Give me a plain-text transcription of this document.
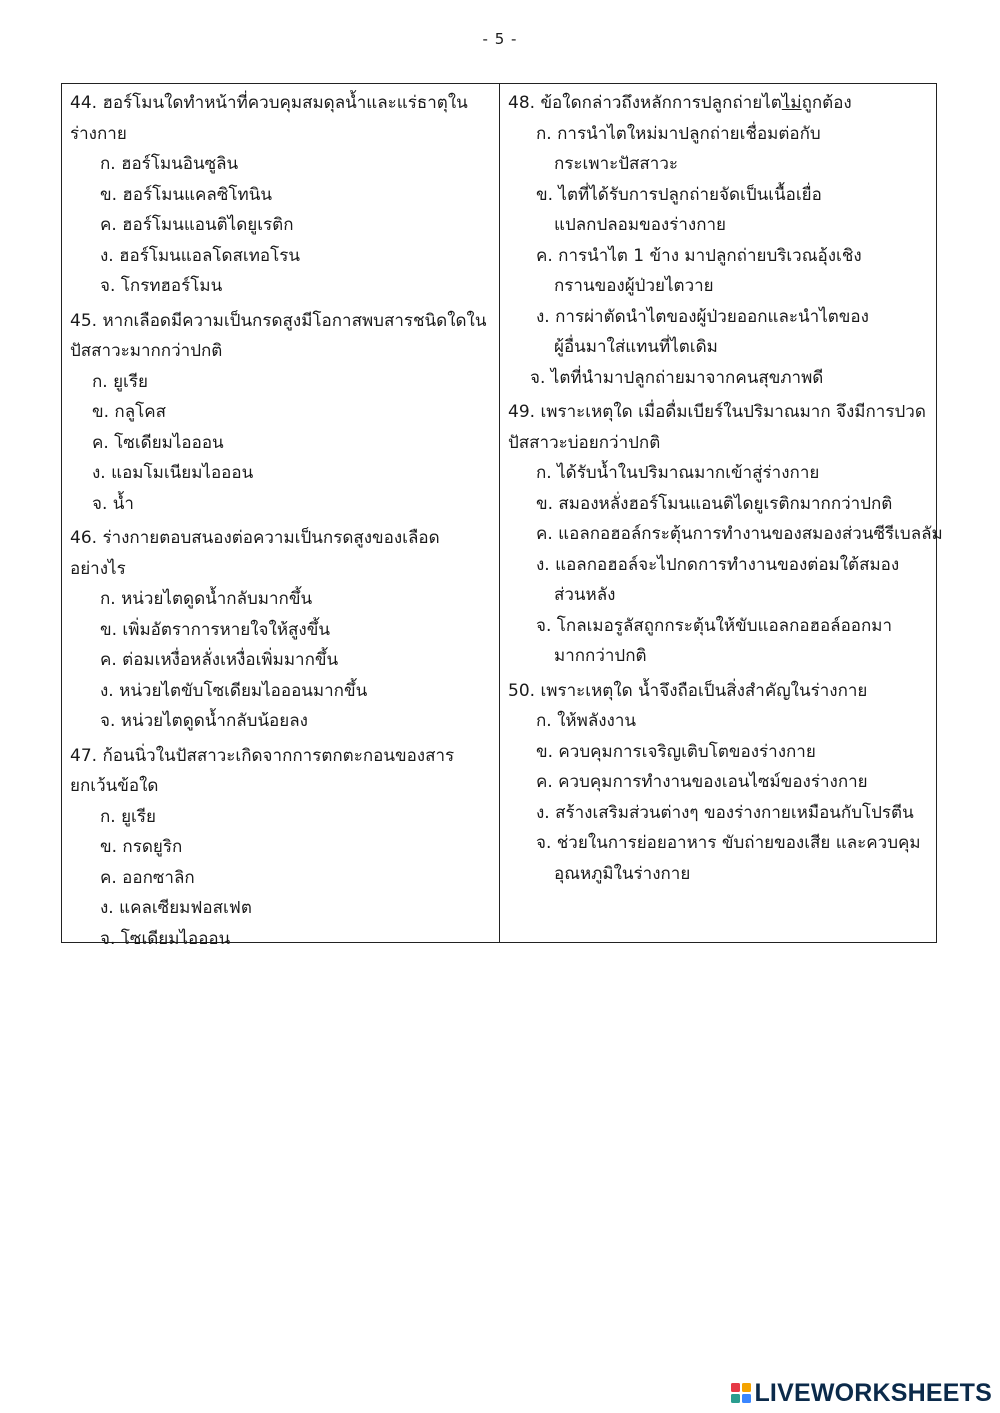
- 5 -

44. ฮอร์โมนใดทำหน้าที่ควบคุมสมดุลน้ำและแร่ธาตุใน

ร่างกาย

ก. ฮอร์โมนอินซูลิน

ข. ฮอร์โมนแคลซิโทนิน

ค. ฮอร์โมนแอนติไดยูเรติก

ง. ฮอร์โมนแอลโดสเทอโรน

จ. โกรทฮอร์โมน

45. หากเลือดมีความเป็นกรดสูงมีโอกาสพบสารชนิดใดใน

ปัสสาวะมากกว่าปกติ

ก. ยูเรีย

ข. กลูโคส

ค. โซเดียมไอออน

ง. แอมโมเนียมไอออน

จ. น้ำ

46. ร่างกายตอบสนองต่อความเป็นกรดสูงของเลือดอย่างไร

ก. หน่วยไตดูดน้ำกลับมากขึ้น

ข. เพิ่มอัตราการหายใจให้สูงขึ้น

ค. ต่อมเหงื่อหลั่งเหงื่อเพิ่มมากขึ้น

ง. หน่วยไตขับโซเดียมไอออนมากขึ้น

จ. หน่วยไตดูดน้ำกลับน้อยลง

47. ก้อนนิ่วในปัสสาวะเกิดจากการตกตะกอนของสาร

ยกเว้นข้อใด

ก. ยูเรีย

ข. กรดยูริก

ค. ออกซาลิก

ง. แคลเซียมฟอสเฟต

จ. โซเดียมไอออน

48. ข้อใดกล่าวถึงหลักการปลูกถ่ายไตไม่ถูกต้อง

ก. การนำไตใหม่มาปลูกถ่ายเชื่อมต่อกับ
กระเพาะปัสสาวะ

ข. ไตที่ได้รับการปลูกถ่ายจัดเป็นเนื้อเยื่อ
แปลกปลอมของร่างกาย

ค. การนำไต 1 ข้าง มาปลูกถ่ายบริเวณอุ้งเชิง
กรานของผู้ป่วยไตวาย

ง. การผ่าตัดนำไตของผู้ป่วยออกและนำไตของ
ผู้อื่นมาใส่แทนที่ไตเดิม

จ. ไตที่นำมาปลูกถ่ายมาจากคนสุขภาพดี

49. เพราะเหตุใด เมื่อดื่มเบียร์ในปริมาณมาก จึงมีการปวด

ปัสสาวะบ่อยกว่าปกติ

ก. ได้รับน้ำในปริมาณมากเข้าสู่ร่างกาย

ข. สมองหลั่งฮอร์โมนแอนติไดยูเรติกมากกว่าปกติ

ค. แอลกอฮอล์กระตุ้นการทำงานของสมองส่วนซีรีเบลลัม

ง. แอลกอฮอล์จะไปกดการทำงานของต่อมใต้สมอง
ส่วนหลัง

จ. โกลเมอรูลัสถูกกระตุ้นให้ขับแอลกอฮอล์ออกมา
มากกว่าปกติ

50. เพราะเหตุใด น้ำจึงถือเป็นสิ่งสำคัญในร่างกาย

ก. ให้พลังงาน

ข. ควบคุมการเจริญเติบโตของร่างกาย

ค. ควบคุมการทำงานของเอนไซม์ของร่างกาย

ง. สร้างเสริมส่วนต่างๆ ของร่างกายเหมือนกับโปรตีน

จ. ช่วยในการย่อยอาหาร ขับถ่ายของเสีย และควบคุม
อุณหภูมิในร่างกาย

LIVEWORKSHEETS
